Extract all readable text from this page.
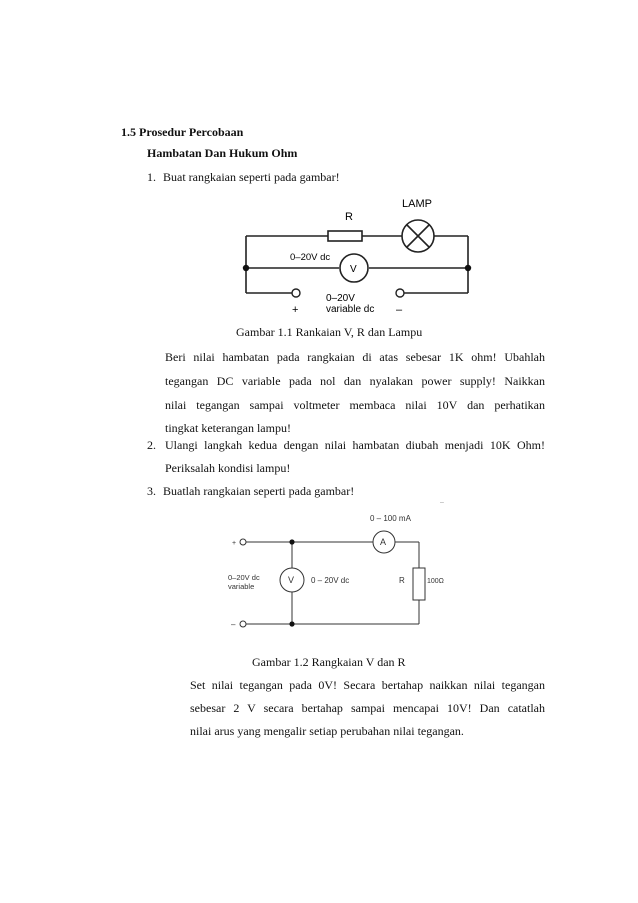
1.5 Prosedur Percobaan
Hambatan Dan Hukum Ohm
1. Buat rangkaian seperti pada gambar!
R
LAMP
0–20V dc
V
0–20V
variable dc
+	–
Gambar 1.1 Rankaian V, R dan Lampu
Beri nilai hambatan pada rangkaian di atas sebesar 1K ohm! Ubahlah
tegangan DC variable pada nol dan nyalakan power supply! Naikkan
nilai tegangan sampai voltmeter membaca nilai 10V dan perhatikan
tingkat keterangan lampu!
2. Ulangi langkah kedua dengan nilai hambatan diubah menjadi 10K Ohm!
Periksalah kondisi lampu!
3. Buatlah rangkaian seperti pada gambar!
0 – 100 mA
A
0–20V dc
variable
V 0 – 20V dc	R	100Ω
+
–
–
Gambar 1.2 Rangkaian V dan R
Set nilai tegangan pada 0V! Secara bertahap naikkan nilai tegangan
sebesar 2 V secara bertahap sampai mencapai 10V! Dan catatlah
nilai arus yang mengalir setiap perubahan nilai tegangan.
